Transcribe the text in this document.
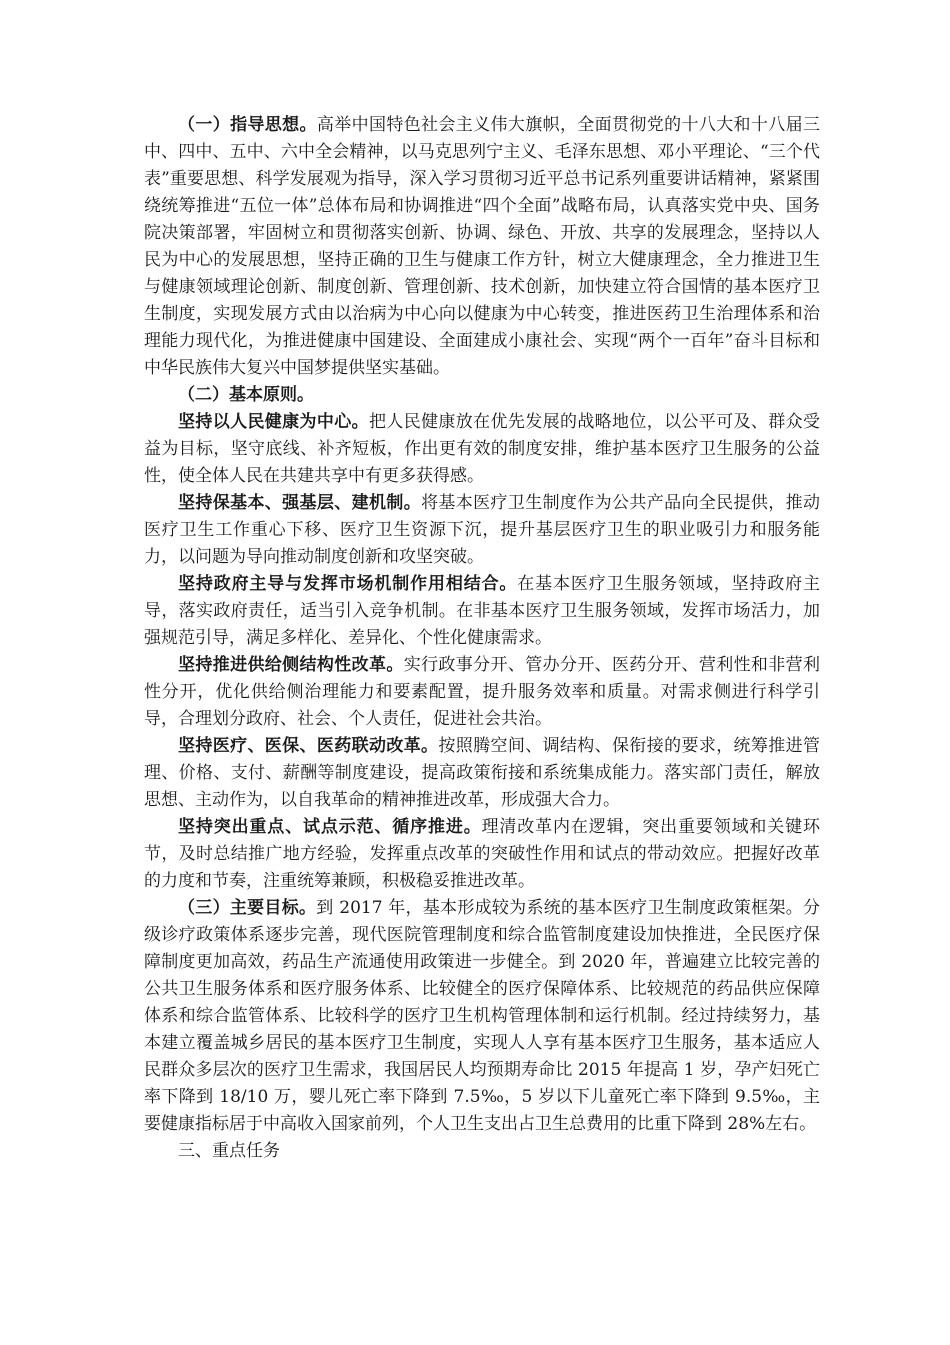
（一）指导思想。高举中国特色社会主义伟大旗帜，全面贯彻党的十八大和十八届三中、四中、五中、六中全会精神，以马克思列宁主义、毛泽东思想、邓小平理论、“三个代表”重要思想、科学发展观为指导，深入学习贯彻习近平总书记系列重要讲话精神，紧紧围绕统筹推进“五位一体”总体布局和协调推进“四个全面”战略布局，认真落实党中央、国务院决策部署，牢固树立和贯彻落实创新、协调、绿色、开放、共享的发展理念，坚持以人民为中心的发展思想，坚持正确的卫生与健康工作方针，树立大健康理念，全力推进卫生与健康领域理论创新、制度创新、管理创新、技术创新，加快建立符合国情的基本医疗卫生制度，实现发展方式由以治病为中心向以健康为中心转变，推进医药卫生治理体系和治理能力现代化，为推进健康中国建设、全面建成小康社会、实现“两个一百年”奋斗目标和中华民族伟大复兴中国梦提供坚实基础。

（二）基本原则。

坚持以人民健康为中心。把人民健康放在优先发展的战略地位，以公平可及、群众受益为目标，坚守底线、补齐短板，作出更有效的制度安排，维护基本医疗卫生服务的公益性，使全体人民在共建共享中有更多获得感。

坚持保基本、强基层、建机制。将基本医疗卫生制度作为公共产品向全民提供，推动医疗卫生工作重心下移、医疗卫生资源下沉，提升基层医疗卫生的职业吸引力和服务能力，以问题为导向推动制度创新和攻坚突破。

坚持政府主导与发挥市场机制作用相结合。在基本医疗卫生服务领域，坚持政府主导，落实政府责任，适当引入竞争机制。在非基本医疗卫生服务领域，发挥市场活力，加强规范引导，满足多样化、差异化、个性化健康需求。

坚持推进供给侧结构性改革。实行政事分开、管办分开、医药分开、营利性和非营利性分开，优化供给侧治理能力和要素配置，提升服务效率和质量。对需求侧进行科学引导，合理划分政府、社会、个人责任，促进社会共治。

坚持医疗、医保、医药联动改革。按照腾空间、调结构、保衔接的要求，统筹推进管理、价格、支付、薪酬等制度建设，提高政策衔接和系统集成能力。落实部门责任，解放思想、主动作为，以自我革命的精神推进改革，形成强大合力。

坚持突出重点、试点示范、循序推进。理清改革内在逻辑，突出重要领域和关键环节，及时总结推广地方经验，发挥重点改革的突破性作用和试点的带动效应。把握好改革的力度和节奏，注重统筹兼顾，积极稳妥推进改革。

（三）主要目标。到 2017 年，基本形成较为系统的基本医疗卫生制度政策框架。分级诊疗政策体系逐步完善，现代医院管理制度和综合监管制度建设加快推进，全民医疗保障制度更加高效，药品生产流通使用政策进一步健全。到 2020 年，普遍建立比较完善的公共卫生服务体系和医疗服务体系、比较健全的医疗保障体系、比较规范的药品供应保障体系和综合监管体系、比较科学的医疗卫生机构管理体制和运行机制。经过持续努力，基本建立覆盖城乡居民的基本医疗卫生制度，实现人人享有基本医疗卫生服务，基本适应人民群众多层次的医疗卫生需求，我国居民人均预期寿命比 2015 年提高 1 岁，孕产妇死亡率下降到 18/10 万，婴儿死亡率下降到 7.5‰，5 岁以下儿童死亡率下降到 9.5‰，主要健康指标居于中高收入国家前列，个人卫生支出占卫生总费用的比重下降到 28%左右。

三、重点任务
